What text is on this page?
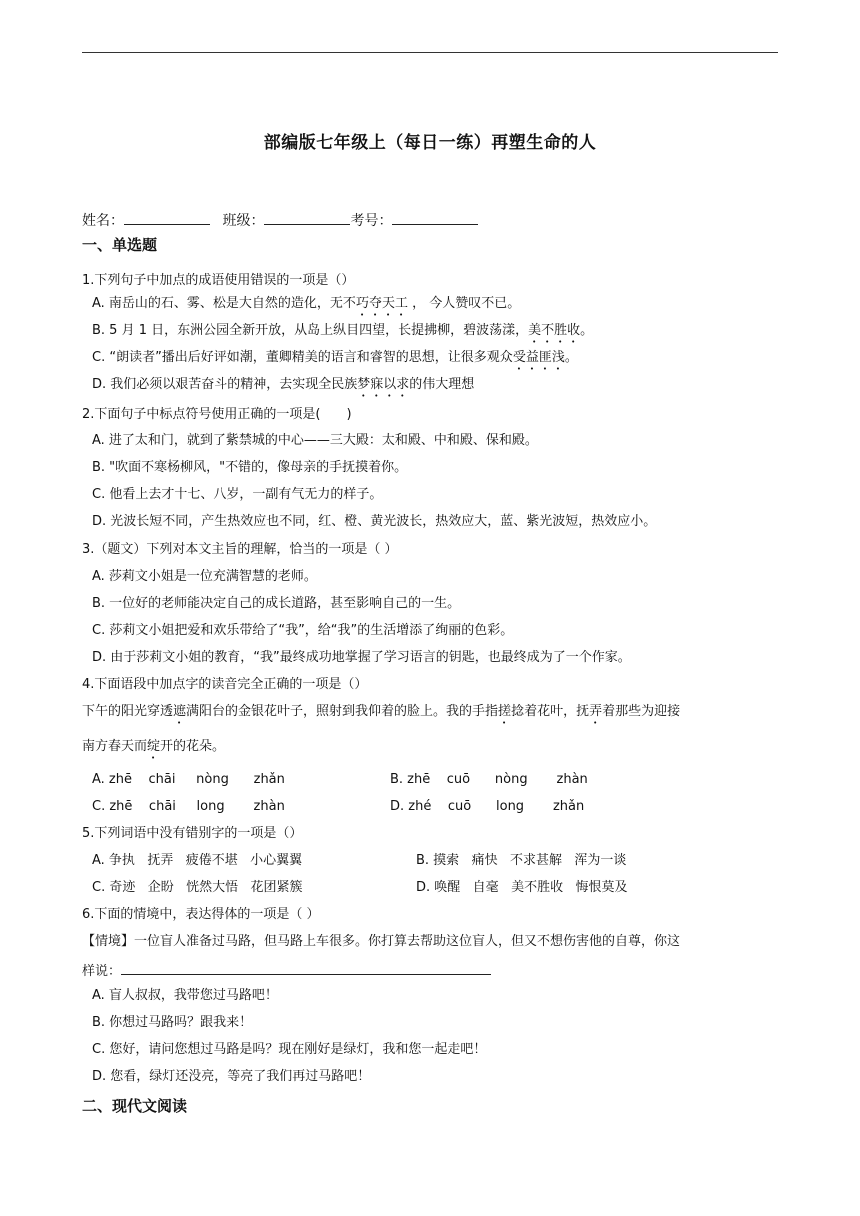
部编版七年级上（每日一练）再塑生命的人
姓名：	班级：	考号：
一、单选题
1.下列句子中加点的成语使用错误的一项是（）
A. 南岳山的石、雾、松是大自然的造化，无不巧夺天工 ， 今人赞叹不已。
B. 5 月 1 日，东洲公园全新开放，从岛上纵目四望，长提拂柳，碧波荡漾，美不胜收。
C. “朗读者”播出后好评如潮，董卿精美的语言和睿智的思想，让很多观众受益匪浅。
D. 我们必须以艰苦奋斗的精神，去实现全民族梦寐以求的伟大理想
2.下面句子中标点符号使用正确的一项是(　　)
A. 进了太和门，就到了紫禁城的中心——三大殿：太和殿、中和殿、保和殿。
B. "吹面不寒杨柳风，"不错的，像母亲的手抚摸着你。
C. 他看上去才十七、八岁，一副有气无力的样子。
D. 光波长短不同，产生热效应也不同，红、橙、黄光波长，热效应大，蓝、紫光波短，热效应小。
3.（题文）下列对本文主旨的理解，恰当的一项是（ ）
A. 莎莉文小姐是一位充满智慧的老师。
B. 一位好的老师能决定自己的成长道路，甚至影响自己的一生。
C. 莎莉文小姐把爱和欢乐带给了“我”，给“我”的生活增添了绚丽的色彩。
D. 由于莎莉文小姐的教育，“我”最终成功地掌握了学习语言的钥匙，也最终成为了一个作家。
4.下面语段中加点字的读音完全正确的一项是（）
下午的阳光穿透遮满阳台的金银花叶子，照射到我仰着的脸上。我的手指搓捻着花叶，抚弄着那些为迎接
南方春天而绽开的花朵。
A. zhē    chāi     nòng      zhǎn	B. zhē    cuō      nòng       zhàn
C. zhē    chāi     long       zhàn	D. zhé    cuō      long       zhǎn
5.下列词语中没有错别字的一项是（）
A. 争执   抚弄   疲倦不堪   小心翼翼	B. 摸索   痛快   不求甚解   浑为一谈
C. 奇迹   企盼   恍然大悟   花团紧簇	D. 唤醒   自毫   美不胜收   悔恨莫及
6.下面的情境中，表达得体的一项是（ ）
【情境】一位盲人准备过马路，但马路上车很多。你打算去帮助这位盲人，但又不想伤害他的自尊，你这
样说：
A. 盲人叔叔，我带您过马路吧！
B. 你想过马路吗？跟我来！
C. 您好，请问您想过马路是吗？现在刚好是绿灯，我和您一起走吧！
D. 您看，绿灯还没亮，等亮了我们再过马路吧！
二、现代文阅读
